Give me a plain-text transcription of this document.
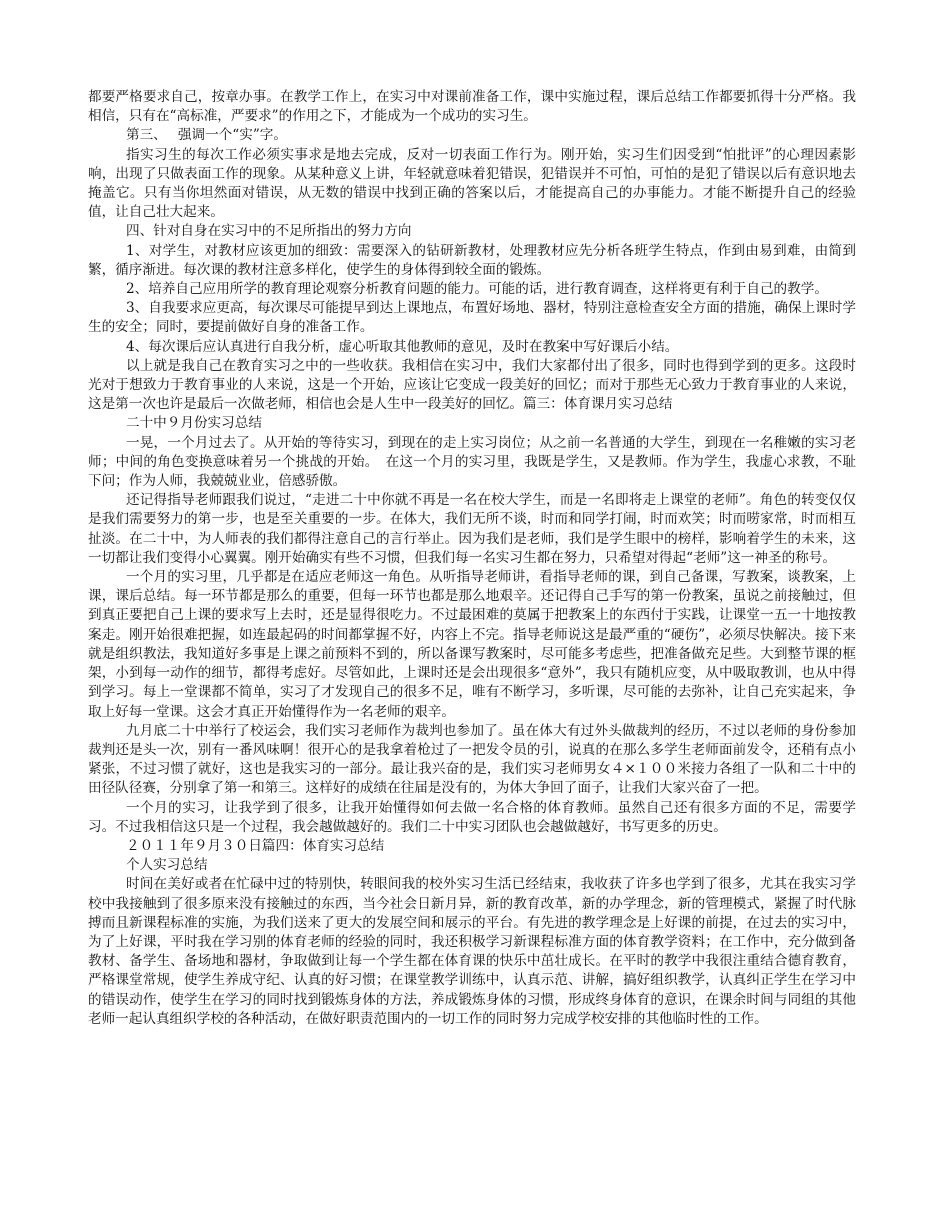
都要严格要求自己，按章办事。在教学工作上，在实习中对课前准备工作，课中实施过程，课后总结工作都要抓得十分严格。我相信，只有在“高标准，严要求”的作用之下，才能成为一个成功的实习生。

第三、　 强调一个“实”字。

指实习生的每次工作必须实事求是地去完成，反对一切表面工作行为。刚开始，实习生们因受到“怕批评”的心理因素影响，出现了只做表面工作的现象。从某种意义上讲，年轻就意味着犯错误，犯错误并不可怕，可怕的是犯了错误以后有意识地去掩盖它。只有当你坦然面对错误，从无数的错误中找到正确的答案以后，才能提高自己的办事能力。才能不断提升自己的经验值，让自己壮大起来。

四、针对自身在实习中的不足所指出的努力方向

1、对学生，对教材应该更加的细致：需要深入的钻研新教材，处理教材应先分析各班学生特点，作到由易到难，由简到繁，循序渐进。每次课的教材注意多样化，使学生的身体得到较全面的锻炼。

2、培养自己应用所学的教育理论观察分析教育问题的能力。可能的话，进行教育调查，这样将更有利于自己的教学。

3、自我要求应更高，每次课尽可能提早到达上课地点，布置好场地、器材，特别注意检查安全方面的措施，确保上课时学生的安全；同时，要提前做好自身的准备工作。

4、每次课后应认真进行自我分析，虚心听取其他教师的意见，及时在教案中写好课后小结。

以上就是我自己在教育实习之中的一些收获。我相信在实习中，我们大家都付出了很多，同时也得到学到的更多。这段时光对于想致力于教育事业的人来说，这是一个开始，应该让它变成一段美好的回忆；而对于那些无心致力于教育事业的人来说，这是第一次也许是最后一次做老师，相信也会是人生中一段美好的回忆。篇三：体育课月实习总结

二十中９月份实习总结

一晃，一个月过去了。从开始的等待实习，到现在的走上实习岗位；从之前一名普通的大学生，到现在一名稚嫩的实习老师；中间的角色变换意味着另一个挑战的开始。　在这一个月的实习里，我既是学生，又是教师。作为学生，我虚心求教，不耻下问；作为人师，我兢兢业业，倍感骄傲。

还记得指导老师跟我们说过，“走进二十中你就不再是一名在校大学生，而是一名即将走上课堂的老师”。角色的转变仅仅是我们需要努力的第一步，也是至关重要的一步。在体大，我们无所不谈，时而和同学打闹，时而欢笑；时而唠家常，时而相互扯淡。在二十中，为人师表的我们都得注意自己的言行举止。因为我们是老师，我们是学生眼中的榜样，影响着学生的未来，这一切都让我们变得小心翼翼。刚开始确实有些不习惯，但我们每一名实习生都在努力，只希望对得起“老师”这一神圣的称号。

一个月的实习里，几乎都是在适应老师这一角色。从听指导老师讲，看指导老师的课，到自己备课，写教案，谈教案，上课，课后总结。每一环节都是那么的重要，但每一环节也都是那么地艰辛。还记得自己手写的第一份教案，虽说之前接触过，但到真正要把自己上课的要求写上去时，还是显得很吃力。不过最困难的莫属于把教案上的东西付于实践，让课堂一五一十地按教案走。刚开始很难把握，如连最起码的时间都掌握不好，内容上不完。指导老师说这是最严重的“硬伤”，必须尽快解决。接下来就是组织教法，我知道好多事是上课之前预料不到的，所以备课写教案时，尽可能多考虑些，把准备做充足些。大到整节课的框架，小到每一动作的细节，都得考虑好。尽管如此，上课时还是会出现很多“意外”，我只有随机应变，从中吸取教训，也从中得到学习。每上一堂课都不简单，实习了才发现自己的很多不足，唯有不断学习，多听课，尽可能的去弥补，让自己充实起来，争取上好每一堂课。这会才真正开始懂得作为一名老师的艰辛。

九月底二十中举行了校运会，我们实习老师作为裁判也参加了。虽在体大有过外头做裁判的经历，不过以老师的身份参加裁判还是头一次，别有一番风味啊！很开心的是我拿着枪过了一把发令员的引，说真的在那么多学生老师面前发令，还稍有点小紧张，不过习惯了就好，这也是我实习的一部分。最让我兴奋的是，我们实习老师男女４×１００米接力各组了一队和二十中的田径队径赛，分别拿了第一和第三。这样好的成绩在往届是没有的，为体大争回了面子，让我们大家兴奋了一把。

一个月的实习，让我学到了很多，让我开始懂得如何去做一名合格的体育教师。虽然自己还有很多方面的不足，需要学习。不过我相信这只是一个过程，我会越做越好的。我们二十中实习团队也会越做越好，书写更多的历史。

２０１１年９月３０日篇四：体育实习总结

个人实习总结

时间在美好或者在忙碌中过的特别快，转眼间我的校外实习生活已经结束，我收获了许多也学到了很多，尤其在我实习学校中我接触到了很多原来没有接触过的东西，当今社会日新月异，新的教育改革，新的办学理念，新的管理模式，紧握了时代脉搏而且新课程标准的实施，为我们送来了更大的发展空间和展示的平台。有先进的教学理念是上好课的前提，在过去的实习中，为了上好课，平时我在学习别的体育老师的经验的同时，我还积极学习新课程标准方面的体育教学资料；在工作中，充分做到备教材、备学生、备场地和器材，争取做到让每一个学生都在体育课的快乐中茁壮成长。在平时的教学中我很注重结合德育教育，严格课堂常规，使学生养成守纪、认真的好习惯；在课堂教学训练中，认真示范、讲解，搞好组织教学，认真纠正学生在学习中的错误动作，使学生在学习的同时找到锻炼身体的方法，养成锻炼身体的习惯，形成终身体育的意识，在课余时间与同组的其他老师一起认真组织学校的各种活动，在做好职责范围内的一切工作的同时努力完成学校安排的其他临时性的工作。
